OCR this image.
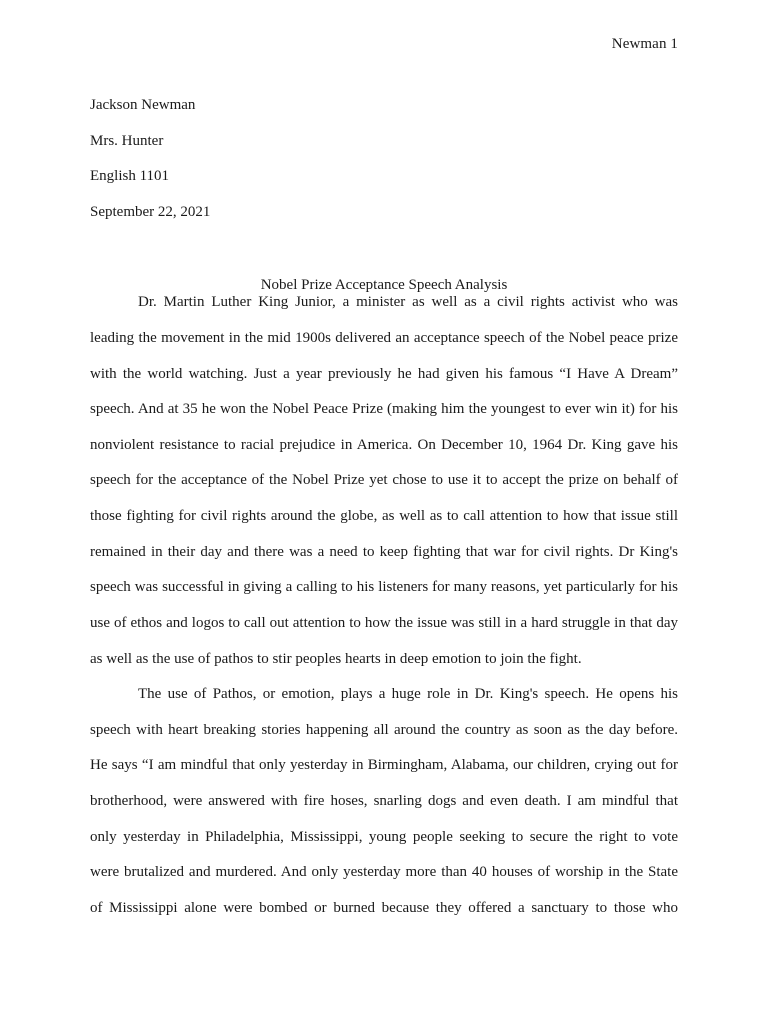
Newman 1
Jackson Newman
Mrs. Hunter
English 1101
September 22, 2021
Nobel Prize Acceptance Speech Analysis
Dr. Martin Luther King Junior, a minister as well as a civil rights activist who was
leading the movement in the mid 1900s delivered an acceptance speech of the Nobel peace prize
with the world watching. Just a year previously he had given his famous “I Have A Dream”
speech. And at 35 he won the Nobel Peace Prize (making him the youngest to ever win it) for his
nonviolent resistance to racial prejudice in America. On December 10, 1964 Dr. King gave his
speech for the acceptance of the Nobel Prize yet chose to use it to accept the prize on behalf of
those fighting for civil rights around the globe, as well as to call attention to how that issue still
remained in their day and there was a need to keep fighting that war for civil rights. Dr King's
speech was successful in giving a calling to his listeners for many reasons, yet particularly for his
use of ethos and logos to call out attention to how the issue was still in a hard struggle in that day
as well as the use of pathos to stir peoples hearts in deep emotion to join the fight.
The use of Pathos, or emotion, plays a huge role in Dr. King's speech. He opens his
speech with heart breaking stories happening all around the country as soon as the day before.
He says “I am mindful that only yesterday in Birmingham, Alabama, our children, crying out for
brotherhood, were answered with fire hoses, snarling dogs and even death. I am mindful that
only yesterday in Philadelphia, Mississippi, young people seeking to secure the right to vote
were brutalized and murdered. And only yesterday more than 40 houses of worship in the State
of Mississippi alone were bombed or burned because they offered a sanctuary to those who
